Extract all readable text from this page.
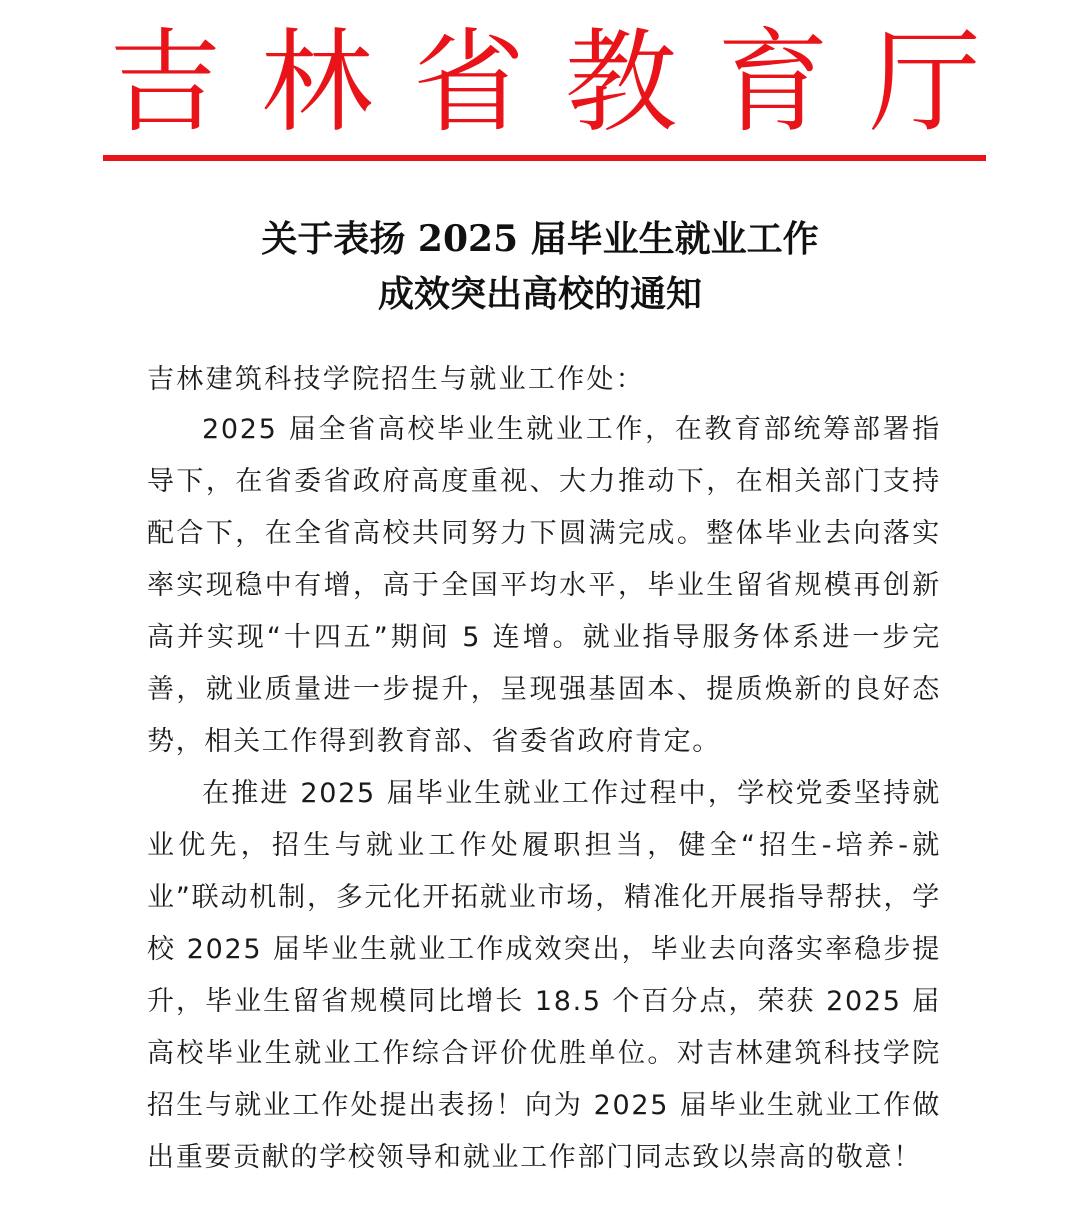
吉 林 省 教 育 厅
关于表扬 2025 届毕业生就业工作
成效突出高校的通知
吉林建筑科技学院招生与就业工作处：

2025 届全省高校毕业生就业工作，在教育部统筹部署指导下，在省委省政府高度重视、大力推动下，在相关部门支持配合下，在全省高校共同努力下圆满完成。整体毕业去向落实率实现稳中有增，高于全国平均水平，毕业生留省规模再创新高并实现“十四五”期间 5 连增。就业指导服务体系进一步完善，就业质量进一步提升，呈现强基固本、提质焕新的良好态势，相关工作得到教育部、省委省政府肯定。

在推进 2025 届毕业生就业工作过程中，学校党委坚持就业优先，招生与就业工作处履职担当，健全“招生-培养-就业”联动机制，多元化开拓就业市场，精准化开展指导帮扶，学校 2025 届毕业生就业工作成效突出，毕业去向落实率稳步提升，毕业生留省规模同比增长 18.5 个百分点，荣获 2025 届高校毕业生就业工作综合评价优胜单位。对吉林建筑科技学院招生与就业工作处提出表扬！向为 2025 届毕业生就业工作做出重要贡献的学校领导和就业工作部门同志致以崇高的敬意！
